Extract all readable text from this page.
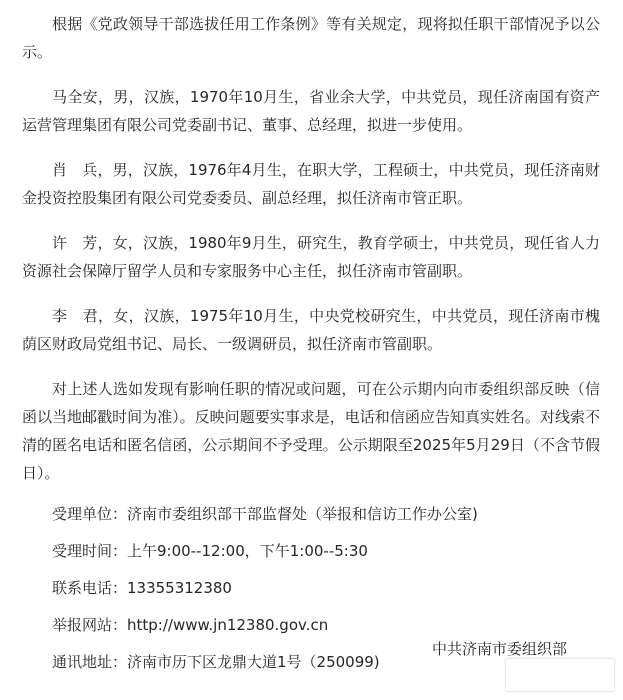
根据《党政领导干部选拔任用工作条例》等有关规定，现将拟任职干部情况予以公示。

马全安，男，汉族，1970年10月生，省业余大学，中共党员，现任济南国有资产运营管理集团有限公司党委副书记、董事、总经理，拟进一步使用。

肖　兵，男，汉族，1976年4月生，在职大学，工程硕士，中共党员，现任济南财金投资控股集团有限公司党委委员、副总经理，拟任济南市管正职。

许　芳，女，汉族，1980年9月生，研究生，教育学硕士，中共党员，现任省人力资源社会保障厅留学人员和专家服务中心主任，拟任济南市管副职。

李　君，女，汉族，1975年10月生，中央党校研究生，中共党员，现任济南市槐荫区财政局党组书记、局长、一级调研员，拟任济南市管副职。

对上述人选如发现有影响任职的情况或问题，可在公示期内向市委组织部反映（信函以当地邮戳时间为准）。反映问题要实事求是，电话和信函应告知真实姓名。对线索不清的匿名电话和匿名信函，公示期间不予受理。公示期限至2025年5月29日（不含节假日）。

受理单位：济南市委组织部干部监督处（举报和信访工作办公室)

受理时间：上午9:00--12:00，下午1:00--5:30

联系电话：13355312380

举报网站：http://www.jn12380.gov.cn

通讯地址：济南市历下区龙鼎大道1号（250099)

中共济南市委组织部
